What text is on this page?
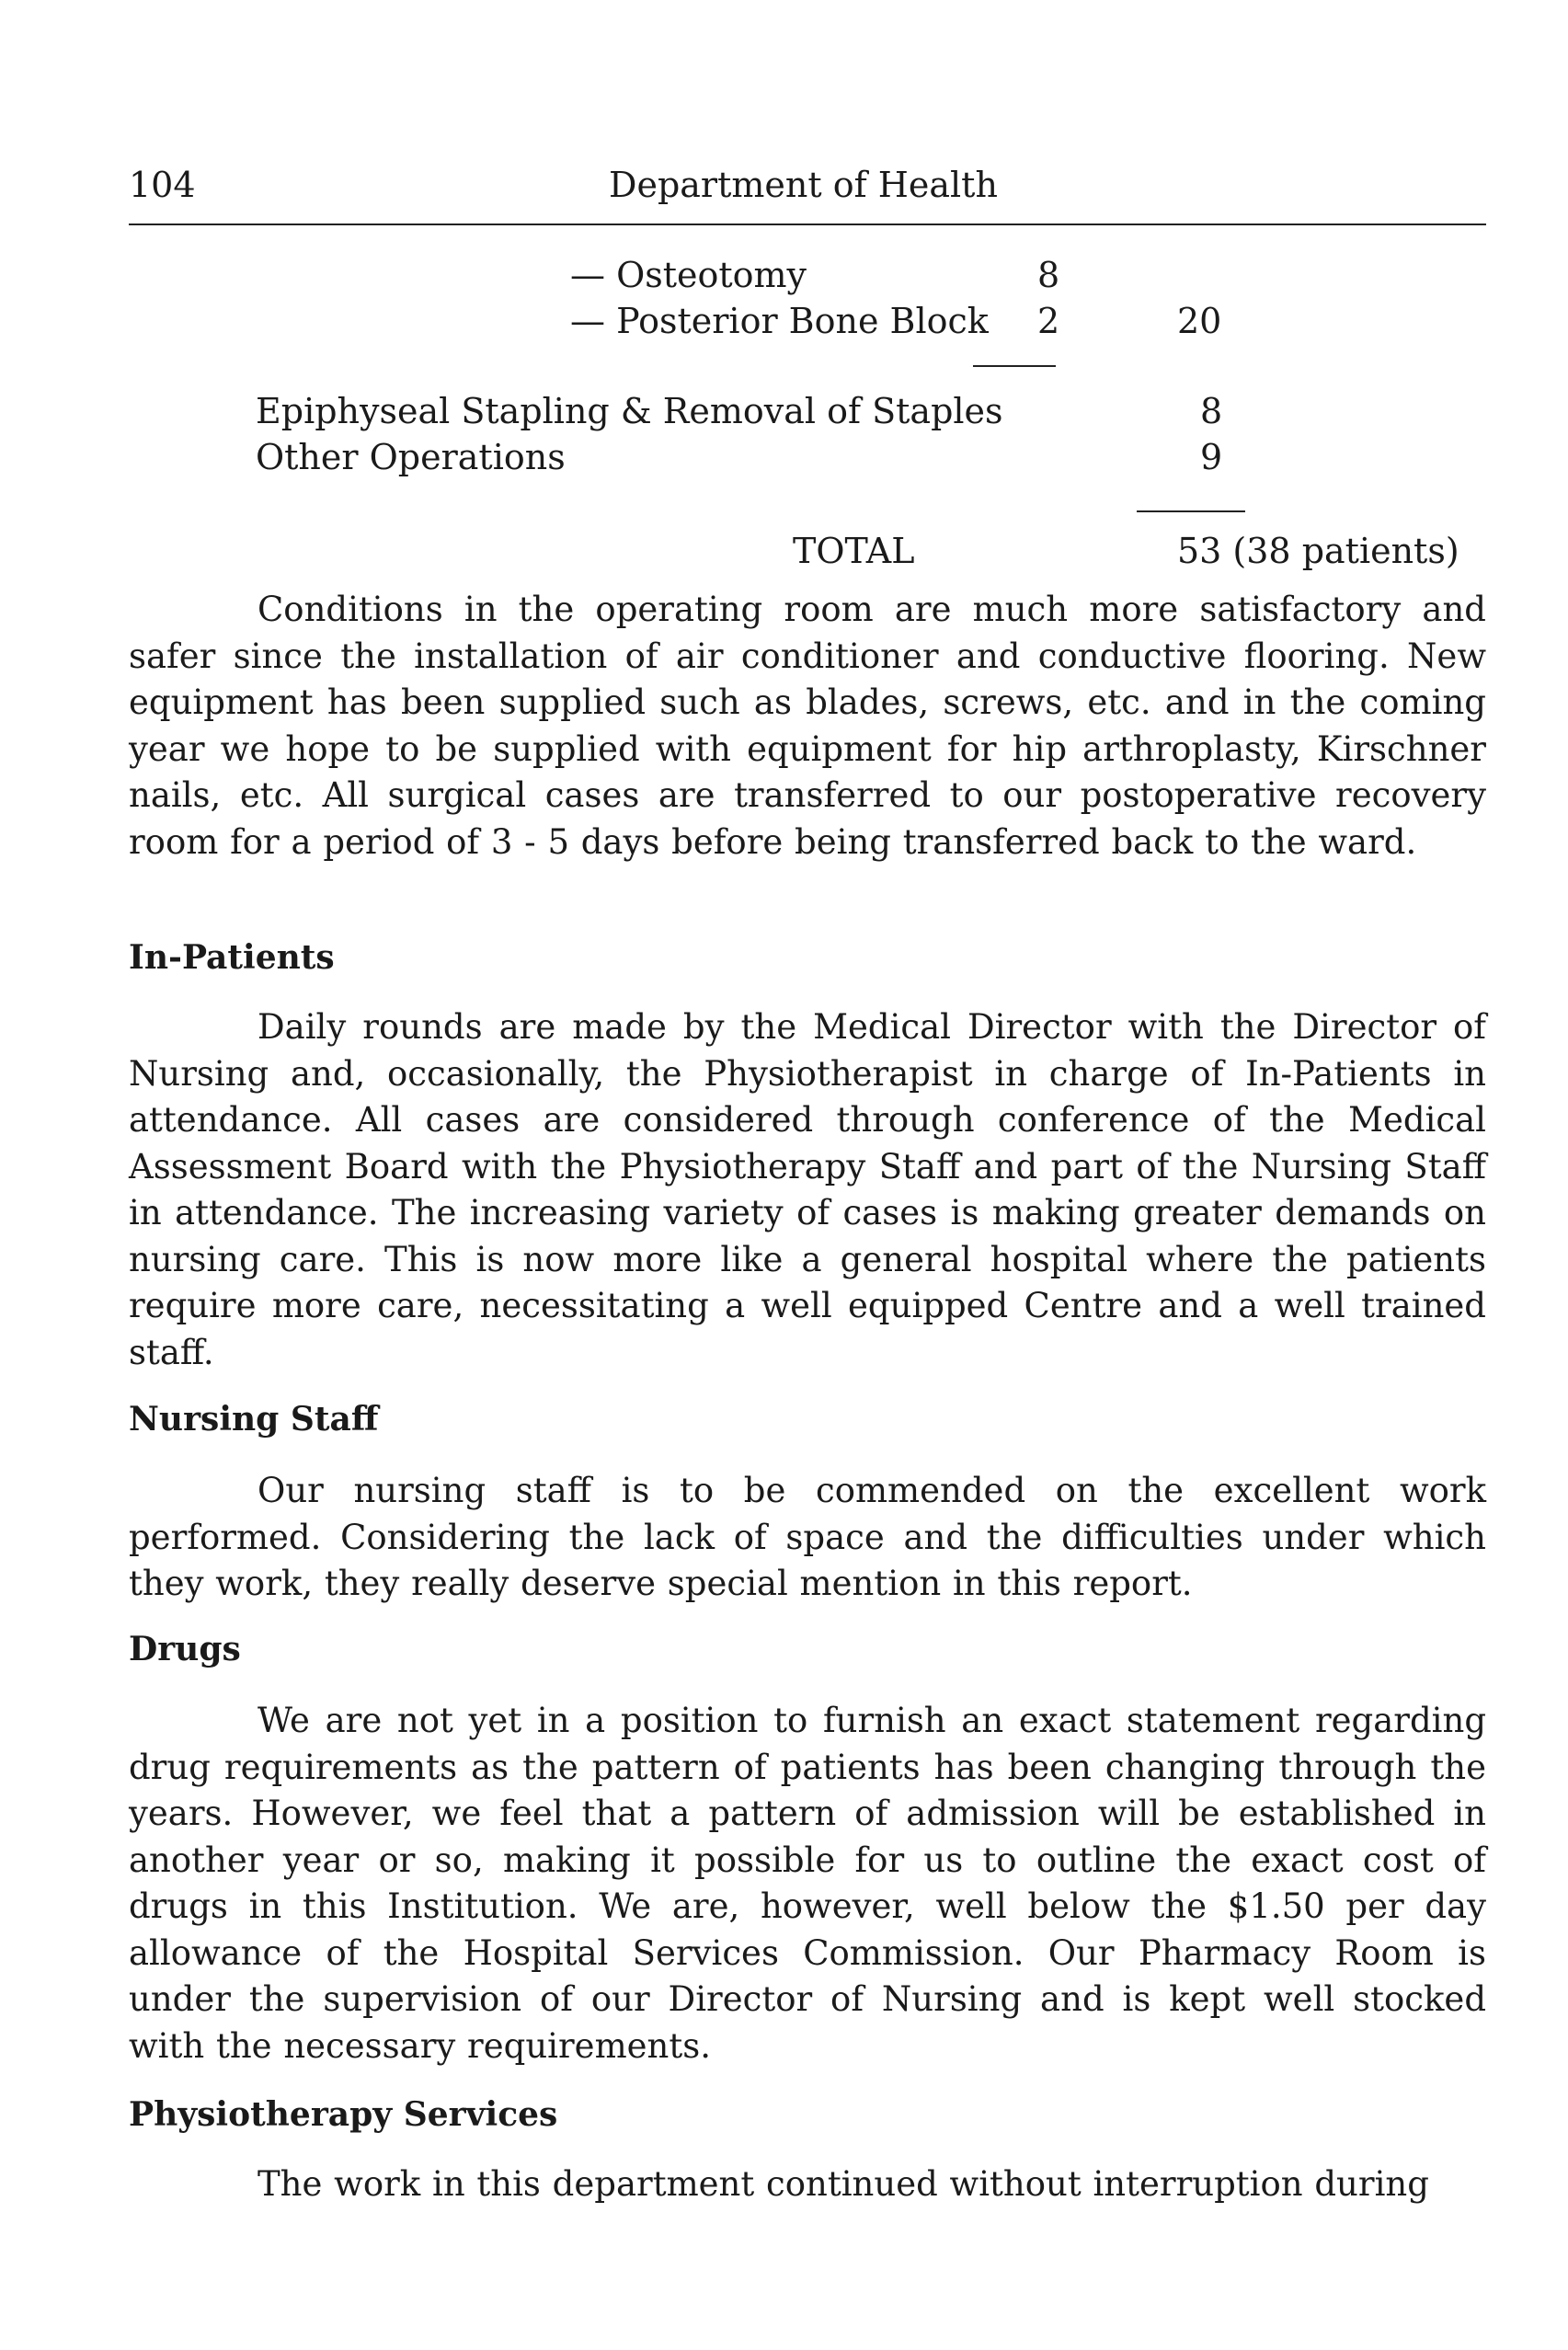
104	Department of Health
— Osteotomy	8
— Posterior Bone Block 2	20
Epiphyseal Stapling & Removal of Staples	8
Other Operations	9
TOTAL	53 (38 patients)
Conditions in the operating room are much more satisfactory and safer since the installation of air conditioner and conductive flooring. New equipment has been supplied such as blades, screws, etc. and in the coming year we hope to be supplied with equipment for hip arthroplasty, Kirschner nails, etc. All surgical cases are transferred to our postoperative recovery room for a period of 3 - 5 days before being transferred back to the ward.
In-Patients
Daily rounds are made by the Medical Director with the Director of Nursing and, occasionally, the Physiotherapist in charge of In-Patients in attendance. All cases are considered through conference of the Medical Assessment Board with the Physiotherapy Staff and part of the Nursing Staff in attendance. The increasing variety of cases is making greater demands on nursing care. This is now more like a general hospital where the patients require more care, necessitating a well equipped Centre and a well trained staff.
Nursing Staff
Our nursing staff is to be commended on the excellent work performed. Considering the lack of space and the difficulties under which they work, they really deserve special mention in this report.
Drugs
We are not yet in a position to furnish an exact statement regarding drug requirements as the pattern of patients has been changing through the years. However, we feel that a pattern of admission will be established in another year or so, making it possible for us to outline the exact cost of drugs in this Institution. We are, however, well below the $1.50 per day allowance of the Hospital Services Commission. Our Pharmacy Room is under the supervision of our Director of Nursing and is kept well stocked with the necessary requirements.
Physiotherapy Services
The work in this department continued without interruption during
